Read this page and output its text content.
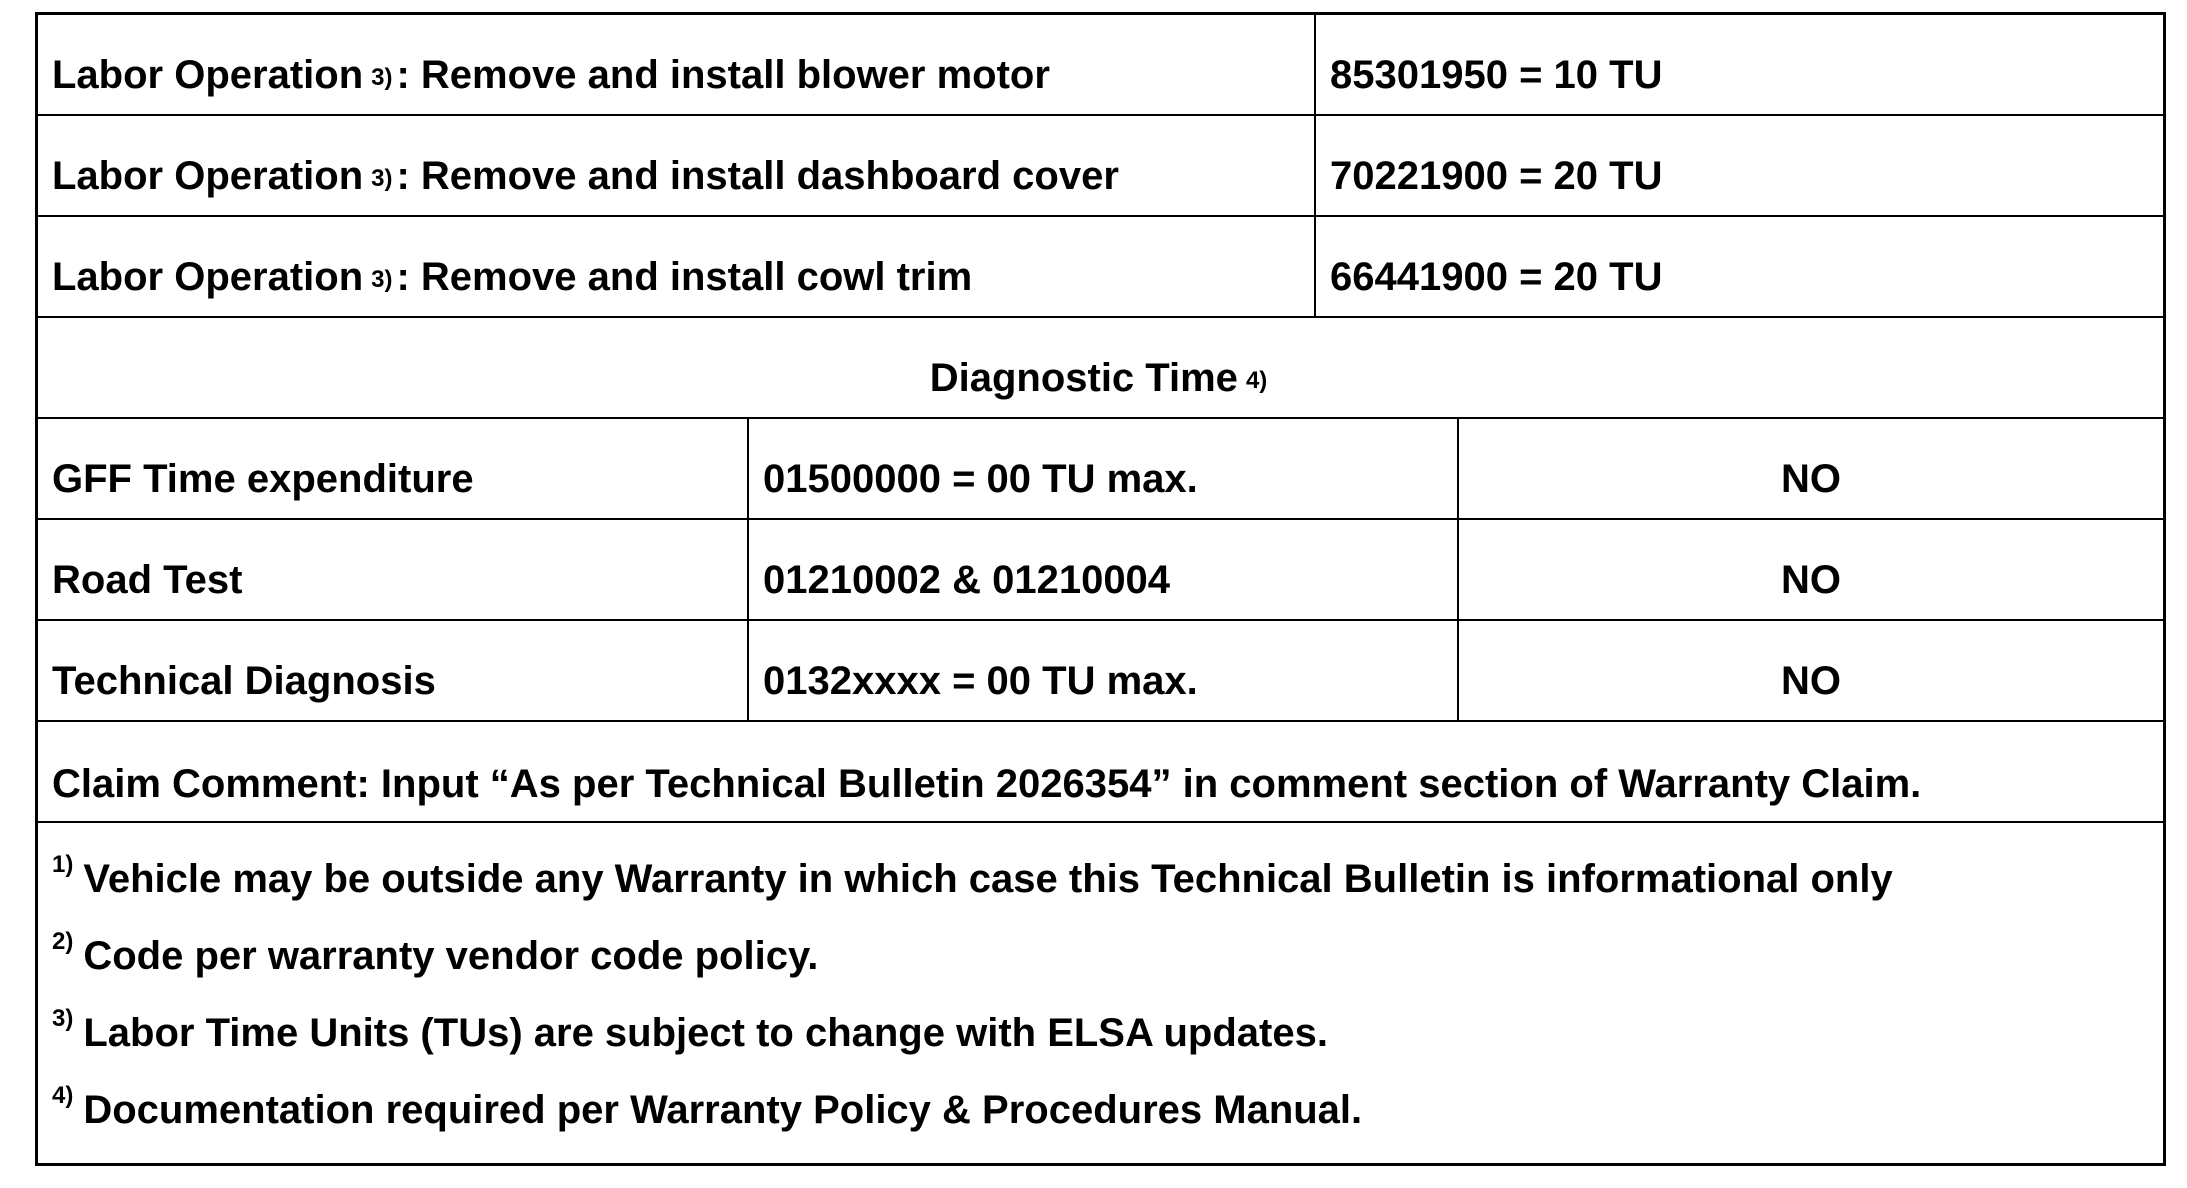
Labor Operation $^{3)}$ : Remove and install blower motor	85301950 = 10 TU
Labor Operation $^{3)}$ : Remove and install dashboard cover	70221900 = 20 TU
Labor Operation $^{3)}$ : Remove and install cowl trim	66441900 = 20 TU
Diagnostic Time $^{4)}$
GFF Time expenditure	01500000 = 00 TU max.	NO
Road Test	01210002 & 01210004	NO
Technical Diagnosis	0132xxxx = 00 TU max.	NO
Claim Comment: Input “As per Technical Bulletin 2026354” in comment section of Warranty Claim.
$^{1)}$ Vehicle may be outside any Warranty in which case this Technical Bulletin is informational only
$^{2)}$ Code per warranty vendor code policy.
$^{3)}$ Labor Time Units (TUs) are subject to change with ELSA updates.
$^{4)}$ Documentation required per Warranty Policy & Procedures Manual.
